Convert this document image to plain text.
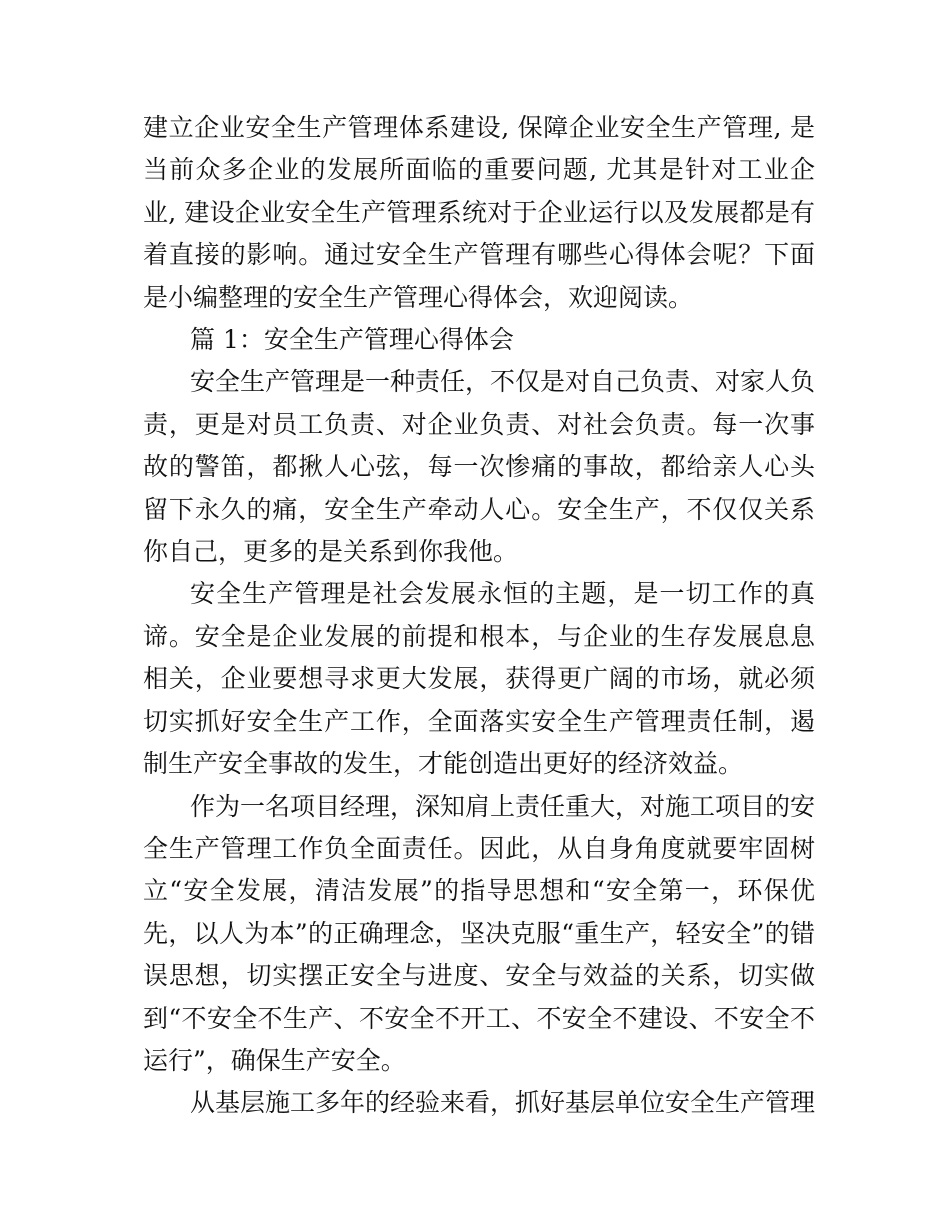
建立企业安全生产管理体系建设, 保障企业安全生产管理, 是当前众多企业的发展所面临的重要问题, 尤其是针对工业企业, 建设企业安全生产管理系统对于企业运行以及发展都是有着直接的影响。通过安全生产管理有哪些心得体会呢？下面是小编整理的安全生产管理心得体会，欢迎阅读。

篇 1：安全生产管理心得体会

安全生产管理是一种责任，不仅是对自己负责、对家人负责，更是对员工负责、对企业负责、对社会负责。每一次事故的警笛，都揪人心弦，每一次惨痛的事故，都给亲人心头留下永久的痛，安全生产牵动人心。安全生产，不仅仅关系你自己，更多的是关系到你我他。

安全生产管理是社会发展永恒的主题，是一切工作的真谛。安全是企业发展的前提和根本，与企业的生存发展息息相关，企业要想寻求更大发展，获得更广阔的市场，就必须切实抓好安全生产工作，全面落实安全生产管理责任制，遏制生产安全事故的发生，才能创造出更好的经济效益。

作为一名项目经理，深知肩上责任重大，对施工项目的安全生产管理工作负全面责任。因此，从自身角度就要牢固树立“安全发展，清洁发展”的指导思想和“安全第一，环保优先，以人为本”的正确理念，坚决克服“重生产，轻安全”的错误思想，切实摆正安全与进度、安全与效益的关系，切实做到“不安全不生产、不安全不开工、不安全不建设、不安全不运行”，确保生产安全。

从基层施工多年的经验来看，抓好基层单位安全生产管理
